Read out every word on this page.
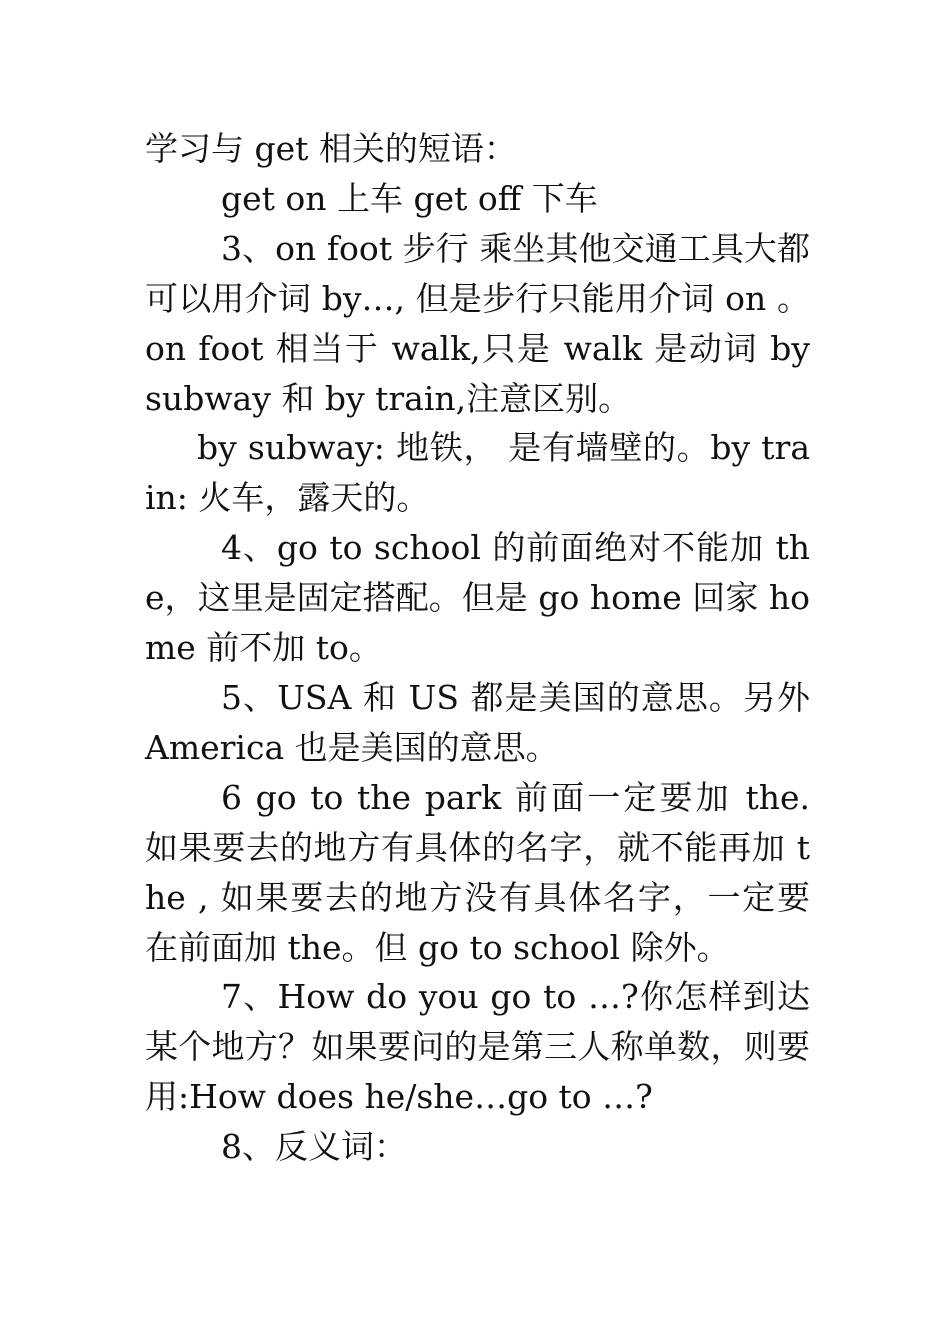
学习与 get 相关的短语：

get on 上车 get off 下车

3、on foot 步行 乘坐其他交通工具大都可以用介词 by…, 但是步行只能用介词 on 。on foot 相当于 walk,只是 walk 是动词 by subway 和 by train,注意区别。

by subway: 地铁， 是有墙壁的。by train: 火车，露天的。

4、go to school 的前面绝对不能加 the，这里是固定搭配。但是 go home 回家 home 前不加 to。

5、USA 和 US 都是美国的意思。另外 America 也是美国的意思。

6 go to the park 前面一定要加 the. 如果要去的地方有具体的名字，就不能再加 the , 如果要去的地方没有具体名字，一定要在前面加 the。但 go to school 除外。

7、How do you go to …?你怎样到达某个地方？如果要问的是第三人称单数，则要用:How does he/she…go to …?

8、反义词：
